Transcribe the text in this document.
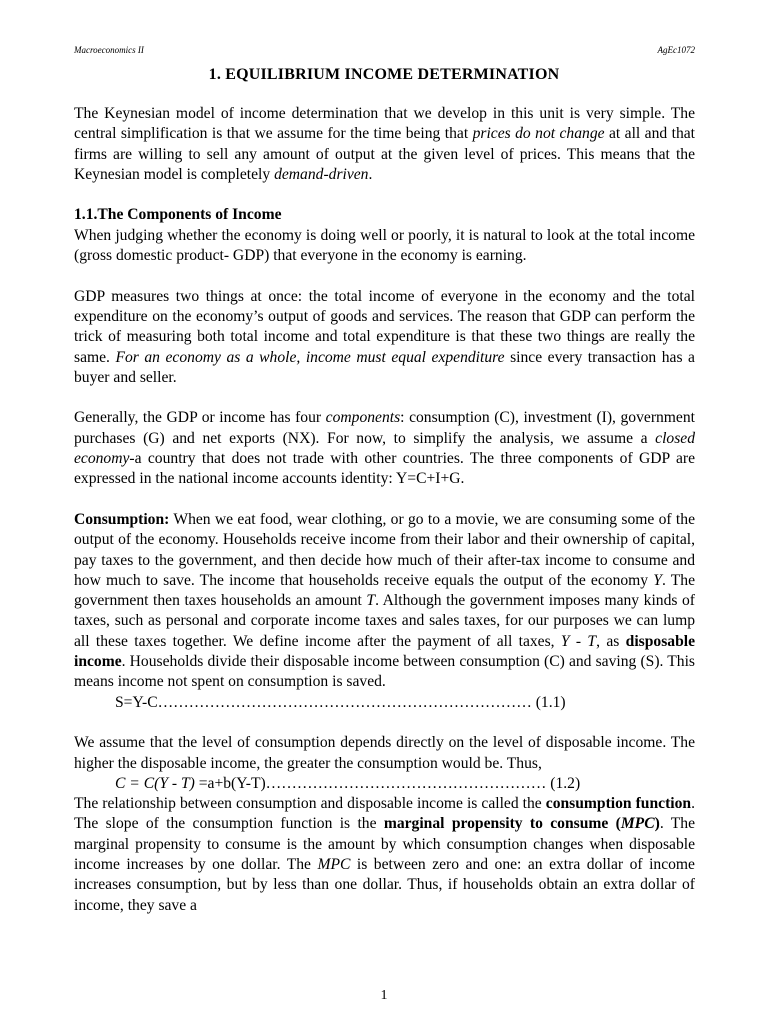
Macroeconomics II	AgEc1072
1. EQUILIBRIUM INCOME DETERMINATION

The Keynesian model of income determination that we develop in this unit is very simple. The central simplification is that we assume for the time being that prices do not change at all and that firms are willing to sell any amount of output at the given level of prices. This means that the Keynesian model is completely demand-driven.

1.1.The Components of Income

When judging whether the economy is doing well or poorly, it is natural to look at the total income (gross domestic product- GDP) that everyone in the economy is earning.

GDP measures two things at once: the total income of everyone in the economy and the total expenditure on the economy’s output of goods and services. The reason that GDP can perform the trick of measuring both total income and total expenditure is that these two things are really the same. For an economy as a whole, income must equal expenditure since every transaction has a buyer and seller.

Generally, the GDP or income has four components: consumption (C), investment (I), government purchases (G) and net exports (NX). For now, to simplify the analysis, we assume a closed economy-a country that does not trade with other countries. The three components of GDP are expressed in the national income accounts identity: Y=C+I+G.

Consumption: When we eat food, wear clothing, or go to a movie, we are consuming some of the output of the economy. Households receive income from their labor and their ownership of capital, pay taxes to the government, and then decide how much of their after-tax income to consume and how much to save. The income that households receive equals the output of the economy Y. The government then taxes households an amount T. Although the government imposes many kinds of taxes, such as personal and corporate income taxes and sales taxes, for our purposes we can lump all these taxes together. We define income after the payment of all taxes, Y - T, as disposable income. Households divide their disposable income between consumption (C) and saving (S). This means income not spent on consumption is saved.

S=Y-C……………………………………………………………… (1.1)

We assume that the level of consumption depends directly on the level of disposable income. The higher the disposable income, the greater the consumption would be. Thus,

C = C(Y - T) =a+b(Y-T)……………………………………………… (1.2)

The relationship between consumption and disposable income is called the consumption function. The slope of the consumption function is the marginal propensity to consume (MPC). The marginal propensity to consume is the amount by which consumption changes when disposable income increases by one dollar. The MPC is between zero and one: an extra dollar of income increases consumption, but by less than one dollar. Thus, if households obtain an extra dollar of income, they save a

1
